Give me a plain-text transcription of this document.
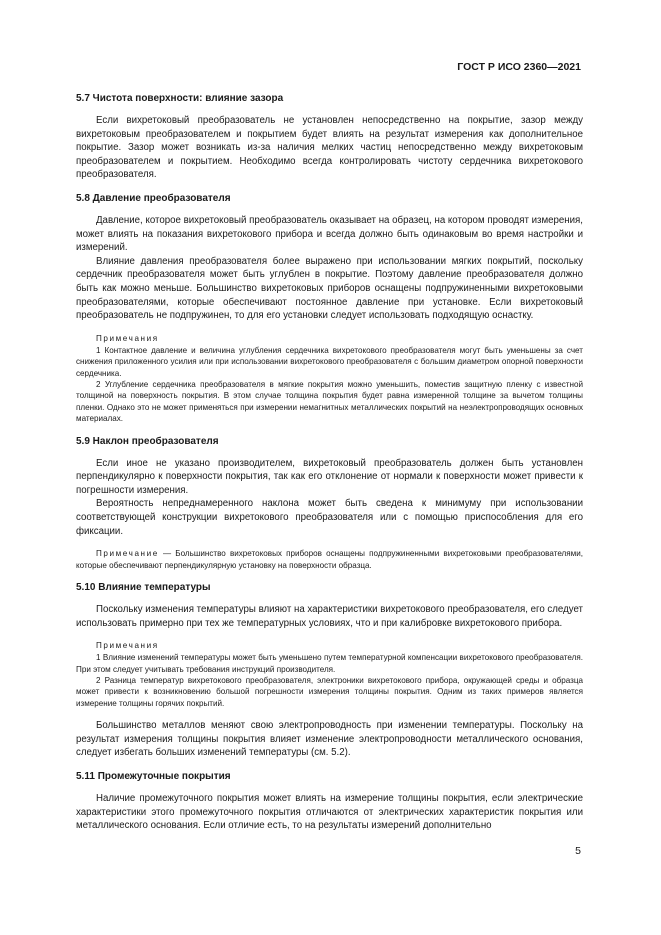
ГОСТ Р ИСО 2360—2021
5.7 Чистота поверхности: влияние зазора

Если вихретоковый преобразователь не установлен непосредственно на покрытие, зазор между вихретоковым преобразователем и покрытием будет влиять на результат измерения как дополнительное покрытие. Зазор может возникать из-за наличия мелких частиц непосредственно между вихретоковым преобразователем и покрытием. Необходимо всегда контролировать чистоту сердечника вихретокового преобразователя.

5.8 Давление преобразователя

Давление, которое вихретоковый преобразователь оказывает на образец, на котором проводят измерения, может влиять на показания вихретокового прибора и всегда должно быть одинаковым во время настройки и измерений.

Влияние давления преобразователя более выражено при использовании мягких покрытий, поскольку сердечник преобразователя может быть углублен в покрытие. Поэтому давление преобразователя должно быть как можно меньше. Большинство вихретоковых приборов оснащены подпружиненными вихретоковыми преобразователями, которые обеспечивают постоянное давление при установке. Если вихретоковый преобразователь не подпружинен, то для его установки следует использовать подходящую оснастку.

Примечания

1 Контактное давление и величина углубления сердечника вихретокового преобразователя могут быть уменьшены за счет снижения приложенного усилия или при использовании вихретокового преобразователя с большим диаметром опорной поверхности сердечника.

2 Углубление сердечника преобразователя в мягкие покрытия можно уменьшить, поместив защитную пленку с известной толщиной на поверхность покрытия. В этом случае толщина покрытия будет равна измеренной толщине за вычетом толщины пленки. Однако это не может применяться при измерении немагнитных металлических покрытий на неэлектропроводящих основных материалах.

5.9 Наклон преобразователя

Если иное не указано производителем, вихретоковый преобразователь должен быть установлен перпендикулярно к поверхности покрытия, так как его отклонение от нормали к поверхности может привести к погрешности измерения.

Вероятность непреднамеренного наклона может быть сведена к минимуму при использовании соответствующей конструкции вихретокового преобразователя или с помощью приспособления для его фиксации.

Примечание — Большинство вихретоковых приборов оснащены подпружиненными вихретоковыми преобразователями, которые обеспечивают перпендикулярную установку на поверхности образца.

5.10 Влияние температуры

Поскольку изменения температуры влияют на характеристики вихретокового преобразователя, его следует использовать примерно при тех же температурных условиях, что и при калибровке вихретокового прибора.

Примечания

1 Влияние изменений температуры может быть уменьшено путем температурной компенсации вихретокового преобразователя. При этом следует учитывать требования инструкций производителя.

2 Разница температур вихретокового преобразователя, электроники вихретокового прибора, окружающей среды и образца может привести к возникновению большой погрешности измерения толщины покрытия. Одним из таких примеров является измерение толщины горячих покрытий.

Большинство металлов меняют свою электропроводность при изменении температуры. Поскольку на результат измерения толщины покрытия влияет изменение электропроводности металлического основания, следует избегать больших изменений температуры (см. 5.2).

5.11 Промежуточные покрытия

Наличие промежуточного покрытия может влиять на измерение толщины покрытия, если электрические характеристики этого промежуточного покрытия отличаются от электрических характеристик покрытия или металлического основания. Если отличие есть, то на результаты измерений дополнительно

5
